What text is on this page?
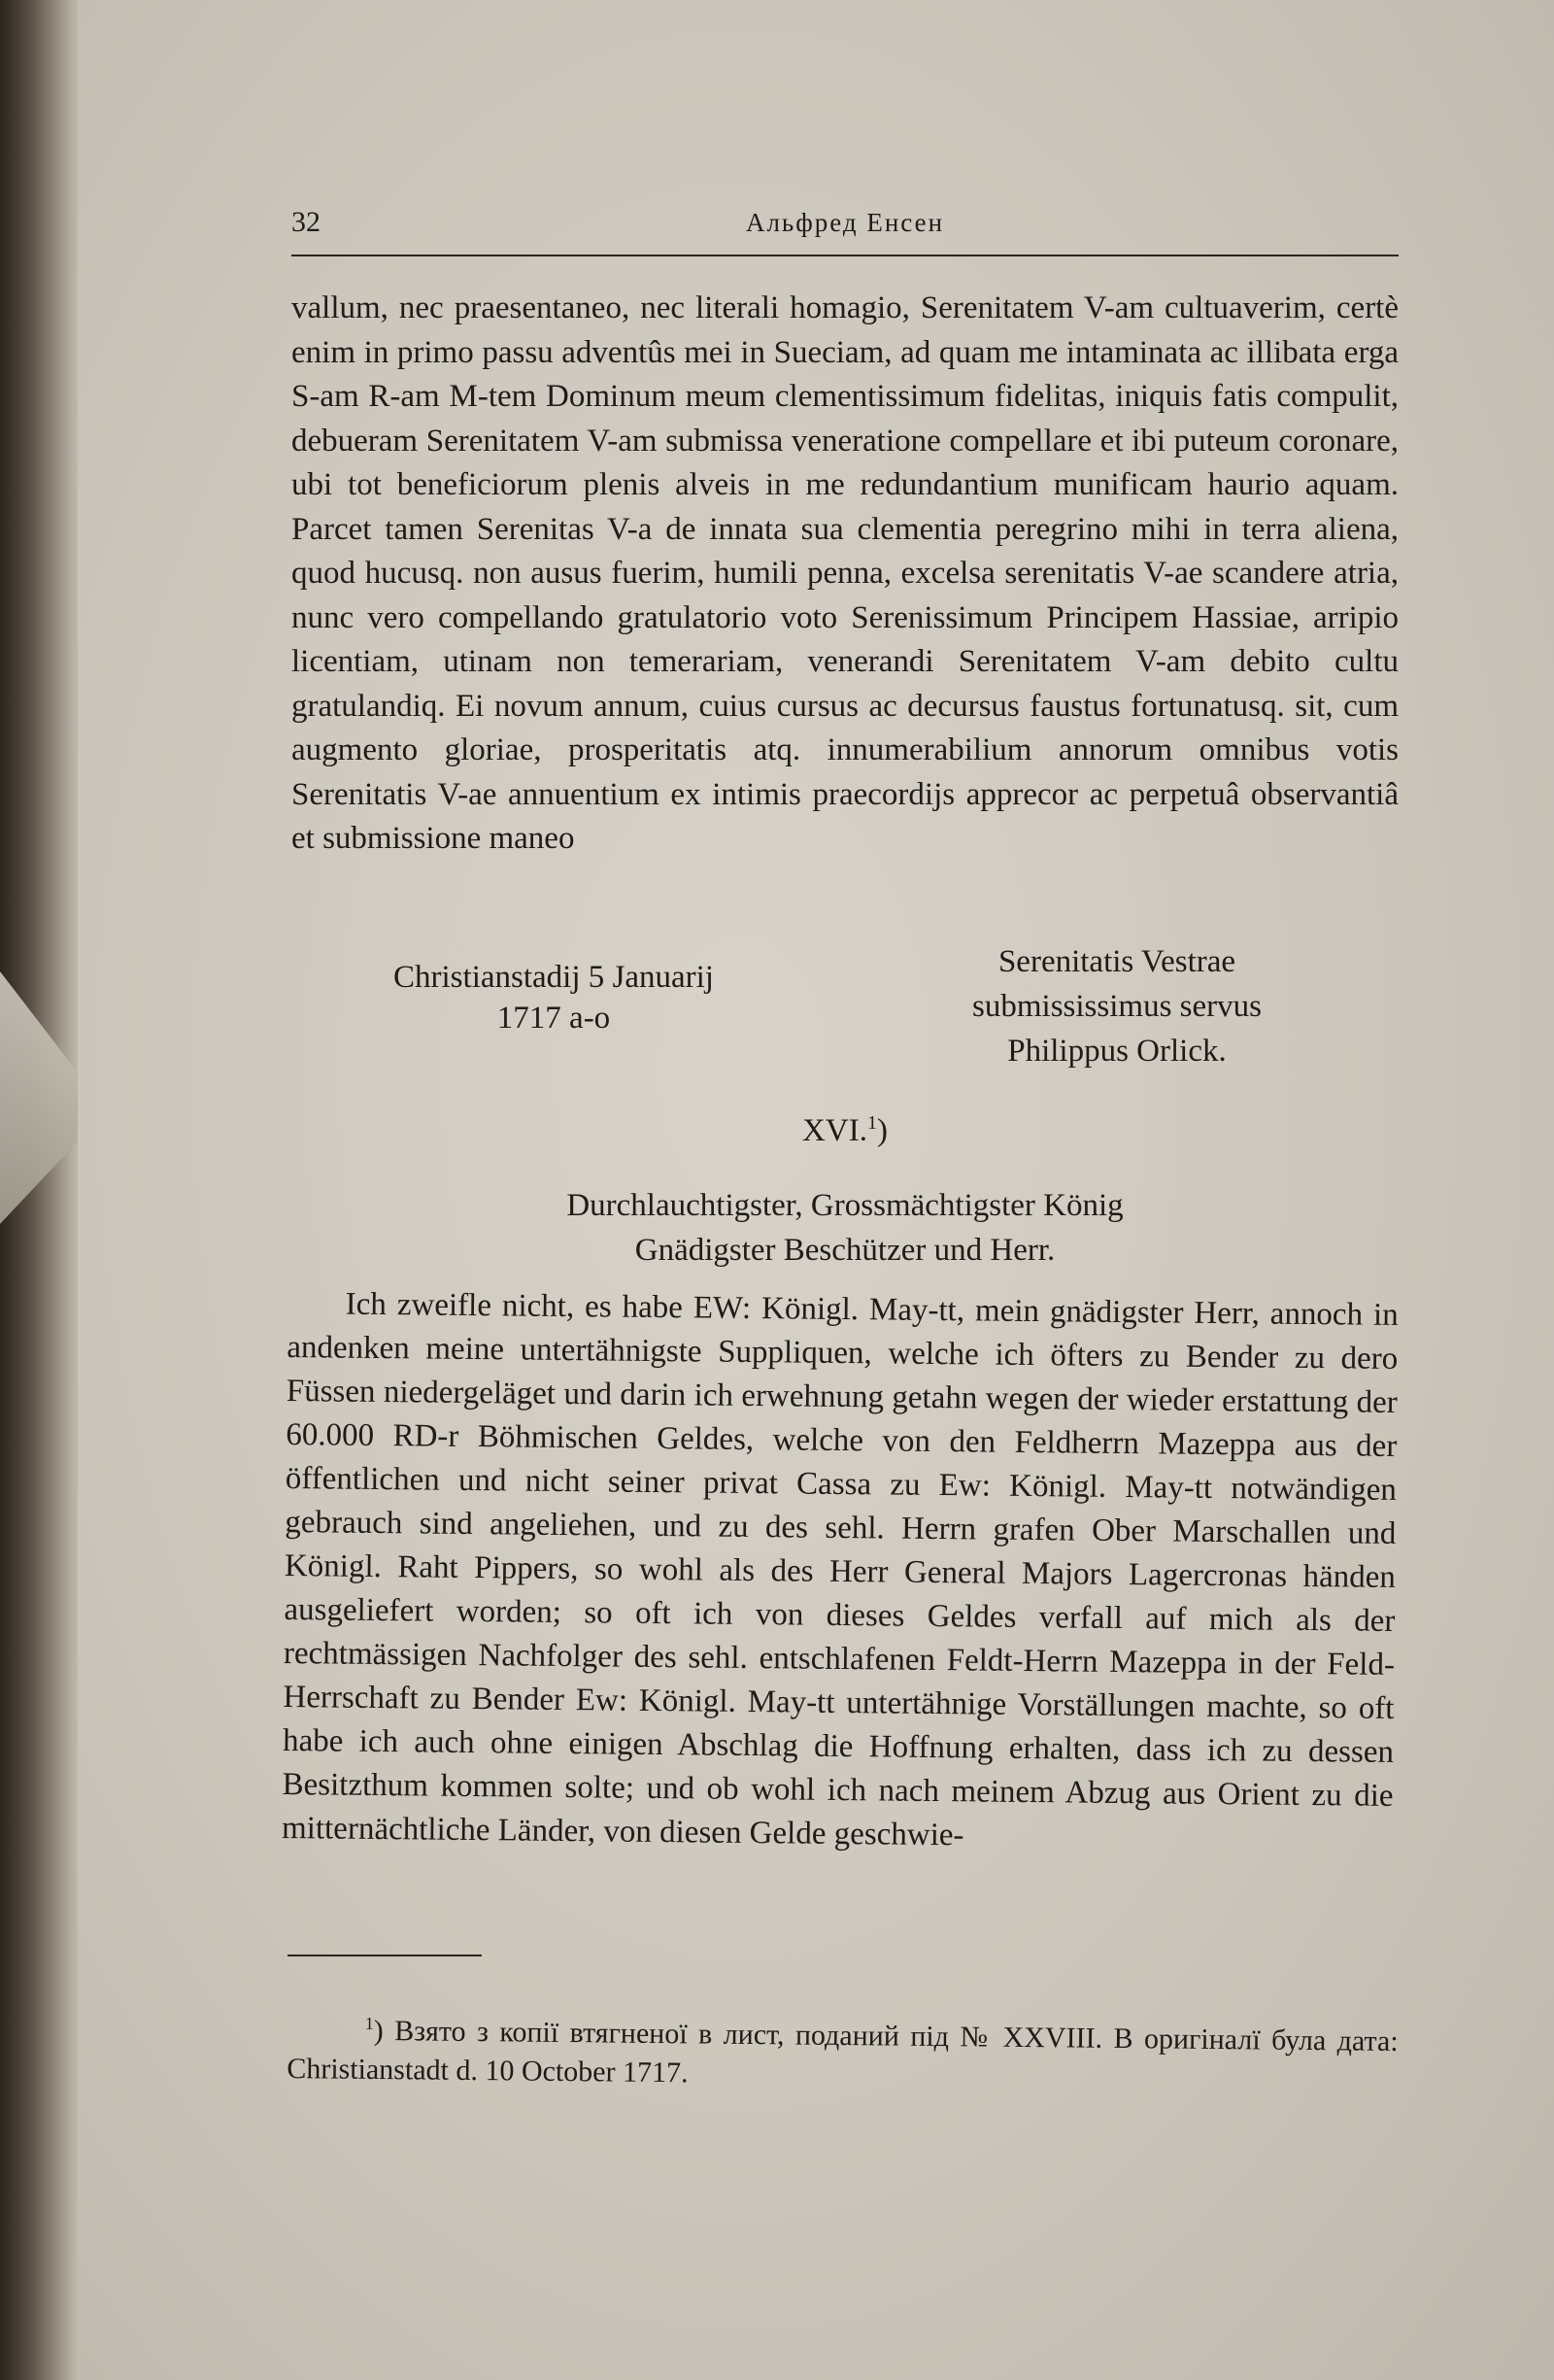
32	Альфред Енсен

vallum, nec praesentaneo, nec literali homagio, Serenitatem V-am cultuaverim, certè enim in primo passu adventûs mei in Sueciam, ad quam me intaminata ac illibata erga S-am R-am M-tem Dominum meum clementissimum fidelitas, iniquis fatis compulit, debueram Serenitatem V-am submissa veneratione compellare et ibi puteum coronare, ubi tot beneficiorum plenis alveis in me redundantium munificam haurio aquam. Parcet tamen Serenitas V-a de innata sua clementia peregrino mihi in terra aliena, quod hucusq. non ausus fuerim, humili penna, excelsa serenitatis V-ae scandere atria, nunc vero compellando gratulatorio voto Serenissimum Principem Hassiae, arripio licentiam, utinam non temerariam, venerandi Serenitatem V-am debito cultu gratulandiq. Ei novum annum, cuius cursus ac decursus faustus fortunatusq. sit, cum augmento gloriae, prosperitatis atq. innumerabilium annorum omnibus votis Serenitatis V-ae annuentium ex intimis praecordijs apprecor ac perpetuâ observantiâ et submissione maneo

Christianstadij 5 Januarij
1717 a-o
Serenitatis Vestrae
submississimus servus
Philippus Orlick.
XVI.$^1$)
Durchlauchtigster, Grossmächtigster König
Gnädigster Beschützer und Herr.

Ich zweifle nicht, es habe EW: Königl. May-tt, mein gnädigster Herr, annoch in andenken meine untertähnigste Suppliquen, welche ich öfters zu Bender zu dero Füssen niedergeläget und darin ich erwehnung getahn wegen der wieder erstattung der 60.000 RD-r Böhmischen Geldes, welche von den Feldherrn Mazeppa aus der öffentlichen und nicht seiner privat Cassa zu Ew: Königl. May-tt notwändigen gebrauch sind angeliehen, und zu des sehl. Herrn grafen Ober Marschallen und Königl. Raht Pippers, so wohl als des Herr General Majors Lagercronas händen ausgeliefert worden; so oft ich von dieses Geldes verfall auf mich als der rechtmässigen Nachfolger des sehl. entschlafenen Feldt-Herrn Mazeppa in der Feld-Herrschaft zu Bender Ew: Königl. May-tt untertähnige Vorställungen machte, so oft habe ich auch ohne einigen Abschlag die Hoffnung erhalten, dass ich zu dessen Besitzthum kommen solte; und ob wohl ich nach meinem Abzug aus Orient zu die mitternächtliche Länder, von diesen Gelde geschwie-

$^1$) Взято з копії втягненої в лист, поданий під № XXVIII. В оригіналї була дата: Christianstadt d. 10 October 1717.
